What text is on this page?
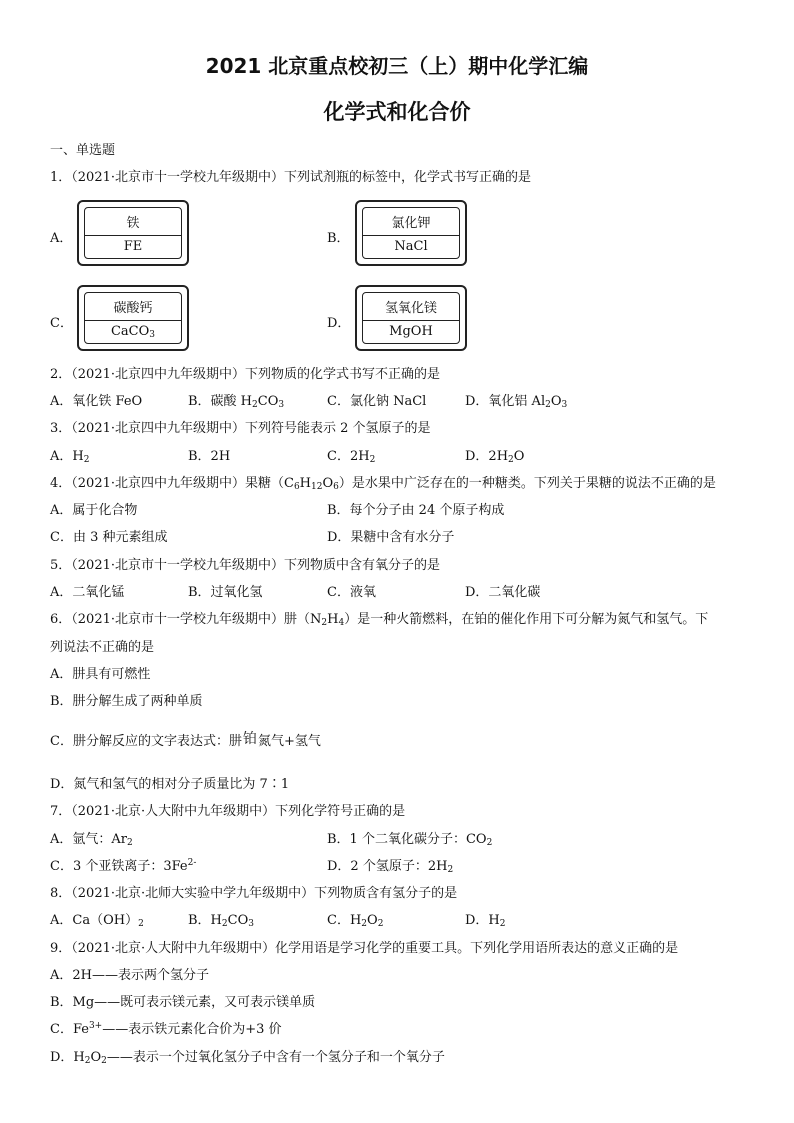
2021 北京重点校初三（上）期中化学汇编
化学式和化合价
一、单选题
1．（2021·北京市十一学校九年级期中）下列试剂瓶的标签中，化学式书写正确的是
A．
铁
FE
B．
氯化钾
NaCl
C．
碳酸钙
CaCO$_3$
D．
氢氧化镁
MgOH
2．（2021·北京四中九年级期中）下列物质的化学式书写不正确的是
A．氧化铁 FeO	B．碳酸 $H_2CO_3$	C．氯化钠 NaCl	D．氧化铝 $Al_2O_3$
3．（2021·北京四中九年级期中）下列符号能表示 2 个氢原子的是
A．$H_2$	B．2H	C．$2H_2$	D．$2H_2O$
4．（2021·北京四中九年级期中）果糖$(C_6H_{12}O_6)$是水果中广泛存在的一种糖类。下列关于果糖的说法不正确的是
A．属于化合物	B．每个分子由 24 个原子构成
C．由 3 种元素组成	D．果糖中含有水分子
5．（2021·北京市十一学校九年级期中）下列物质中含有氧分子的是
A．二氧化锰	B．过氧化氢	C．液氧	D．二氧化碳
6．（2021·北京市十一学校九年级期中）肼$(N_2H_4)$是一种火箭燃料，在铂的催化作用下可分解为氮气和氢气。下
列说法不正确的是
A．肼具有可燃性
B．肼分解生成了两种单质
C．肼分解反应的文字表达式：肼 铂 氮气+氢气
D．氮气和氢气的相对分子质量比为 7∶1
7．（2021·北京·人大附中九年级期中）下列化学符号正确的是
A．氩气：$Ar_2$	B．1 个二氧化碳分子：$CO_2$
C．3 个亚铁离子：$3Fe^{2-}$	D．2 个氢原子：$2H_2$
8．（2021·北京·北师大实验中学九年级期中）下列物质含有氢分子的是
A．$Ca(OH)_2$	B．$H_2CO_3$	C．$H_2O_2$	D．$H_2$
9．（2021·北京·人大附中九年级期中）化学用语是学习化学的重要工具。下列化学用语所表达的意义正确的是
A．2H——表示两个氢分子
B．Mg——既可表示镁元素，又可表示镁单质
C．$Fe^{3+}——$表示铁元素化合价为+3 价
D．$H_2O_2——$表示一个过氧化氢分子中含有一个氢分子和一个氧分子
